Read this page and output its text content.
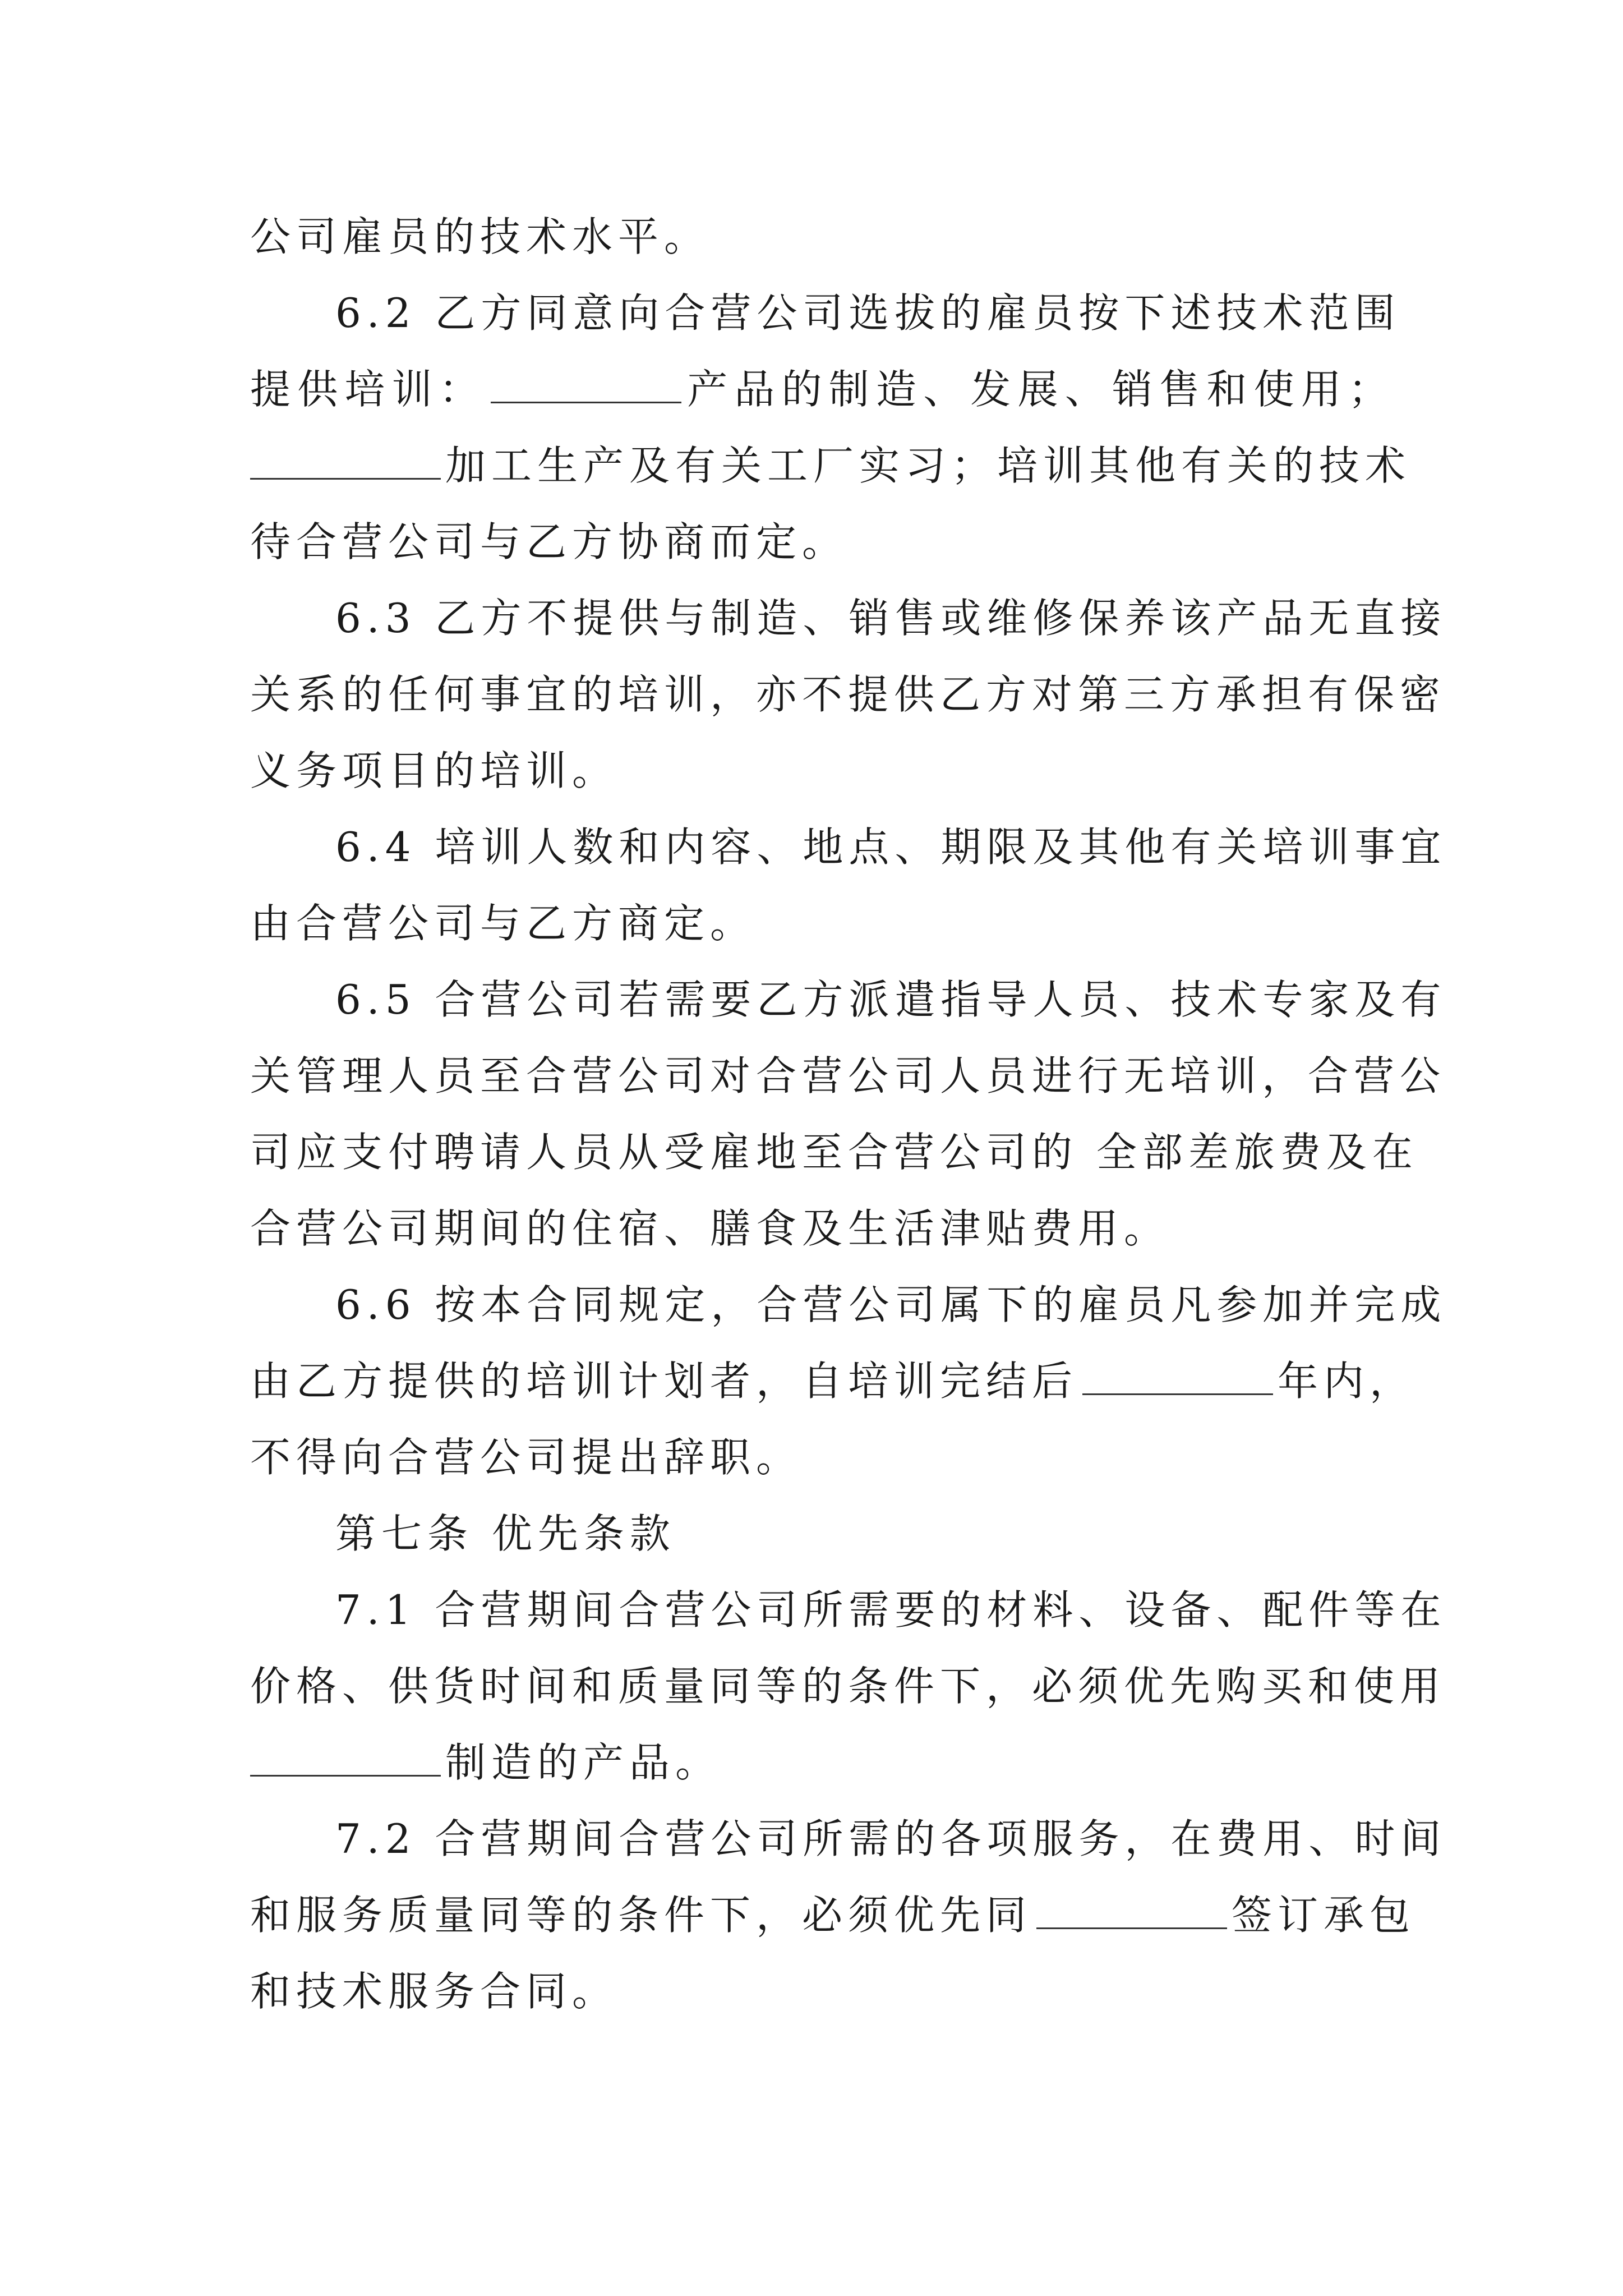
公司雇员的技术水平。
6.2 乙方同意向合营公司选拔的雇员按下述技术范围
提供培训：	产品的制造、发展、销售和使用；
加工生产及有关工厂实习；培训其他有关的技术
待合营公司与乙方协商而定。
6.3 乙方不提供与制造、销售或维修保养该产品无直接
关系的任何事宜的培训，亦不提供乙方对第三方承担有保密
义务项目的培训。
6.4 培训人数和内容、地点、期限及其他有关培训事宜
由合营公司与乙方商定。
6.5 合营公司若需要乙方派遣指导人员、技术专家及有
关管理人员至合营公司对合营公司人员进行无培训，合营公
司应支付聘请人员从受雇地至合营公司的 全部差旅费及在
合营公司期间的住宿、膳食及生活津贴费用。
6.6 按本合同规定，合营公司属下的雇员凡参加并完成
由乙方提供的培训计划者，自培训完结后	年内，
不得向合营公司提出辞职。
第七条 优先条款
7.1 合营期间合营公司所需要的材料、设备、配件等在
价格、供货时间和质量同等的条件下，必须优先购买和使用
制造的产品。
7.2 合营期间合营公司所需的各项服务，在费用、时间
和服务质量同等的条件下，必须优先同	签订承包
和技术服务合同。
